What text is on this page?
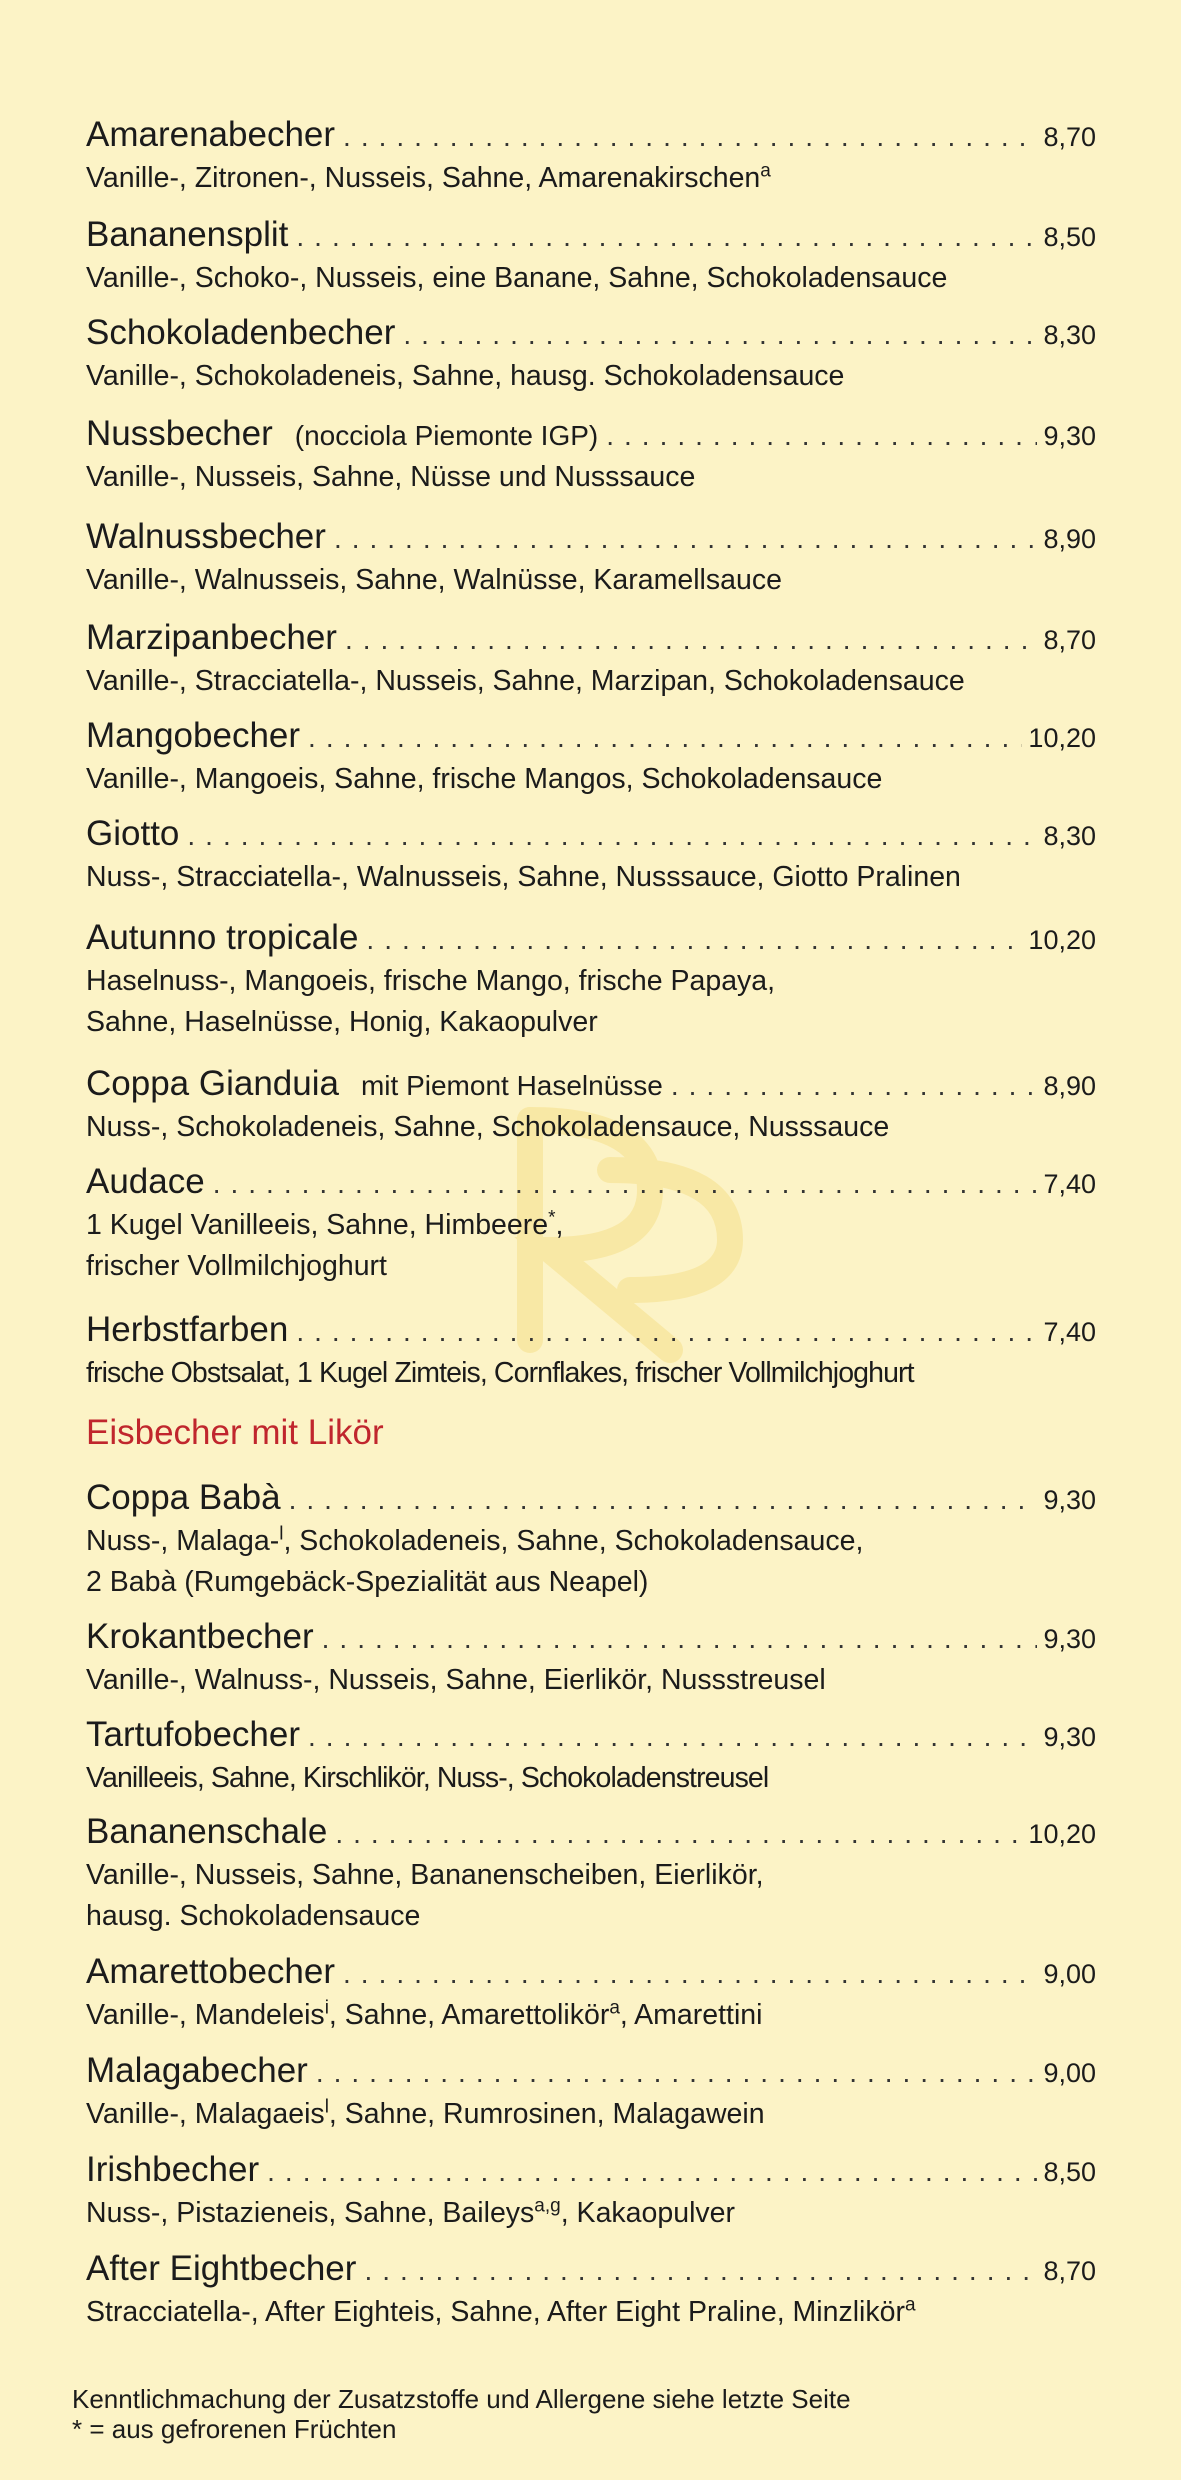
Amarenabecher .....	8,70
Vanille-, Zitronen-, Nusseis, Sahne, Amarenakirschen$^a$
Bananensplit .....	8,50
Vanille-, Schoko-, Nusseis, eine Banane, Sahne, Schokoladensauce
Schokoladenbecher .....	8,30
Vanille-, Schokoladeneis, Sahne, hausg. Schokoladensauce
Nussbecher (nocciola Piemonte IGP) .....	9,30
Vanille-, Nusseis, Sahne, Nüsse und Nusssauce
Walnussbecher .....	8,90
Vanille-, Walnusseis, Sahne, Walnüsse, Karamellsauce
Marzipanbecher .....	8,70
Vanille-, Stracciatella-, Nusseis, Sahne, Marzipan, Schokoladensauce
Mangobecher .....	10,20
Vanille-, Mangoeis, Sahne, frische Mangos, Schokoladensauce
Giotto .....	8,30
Nuss-, Stracciatella-, Walnusseis, Sahne, Nusssauce, Giotto Pralinen
Autunno tropicale .....	10,20
Haselnuss-, Mangoeis, frische Mango, frische Papaya,
Sahne, Haselnüsse, Honig, Kakaopulver
Coppa Gianduia mit Piemont Haselnüsse .....	8,90
Nuss-, Schokoladeneis, Sahne, Schokoladensauce, Nusssauce
Audace .....	7,40
1 Kugel Vanilleeis, Sahne, Himbeere*,
frischer Vollmilchjoghurt
Herbstfarben .....	7,40
frische Obstsalat, 1 Kugel Zimteis, Cornflakes, frischer Vollmilchjoghurt
Eisbecher mit Likör
Coppa Babà .....	9,30
Nuss-, Malaga-$^l$, Schokoladeneis, Sahne, Schokoladensauce,
2 Babà (Rumgebäck-Spezialität aus Neapel)
Krokantbecher .....	9,30
Vanille-, Walnuss-, Nusseis, Sahne, Eierlikör, Nussstreusel
Tartufobecher .....	9,30
Vanilleeis, Sahne, Kirschlikör, Nuss-, Schokoladenstreusel
Bananenschale .....	10,20
Vanille-, Nusseis, Sahne, Bananenscheiben, Eierlikör,
hausg. Schokoladensauce
Amarettobecher .....	9,00
Vanille-, Mandeleis$^i$, Sahne, Amarettolikör$^a$, Amarettini
Malagabecher .....	9,00
Vanille-, Malagaeis$^l$, Sahne, Rumrosinen, Malagawein
Irishbecher .....	8,50
Nuss-, Pistazieneis, Sahne, Baileys$^{a,g}$, Kakaopulver
After Eightbecher .....	8,70
Stracciatella-, After Eighteis, Sahne, After Eight Praline, Minzlikör$^a$
Kenntlichmachung der Zusatzstoffe und Allergene siehe letzte Seite
* = aus gefrorenen Früchten
